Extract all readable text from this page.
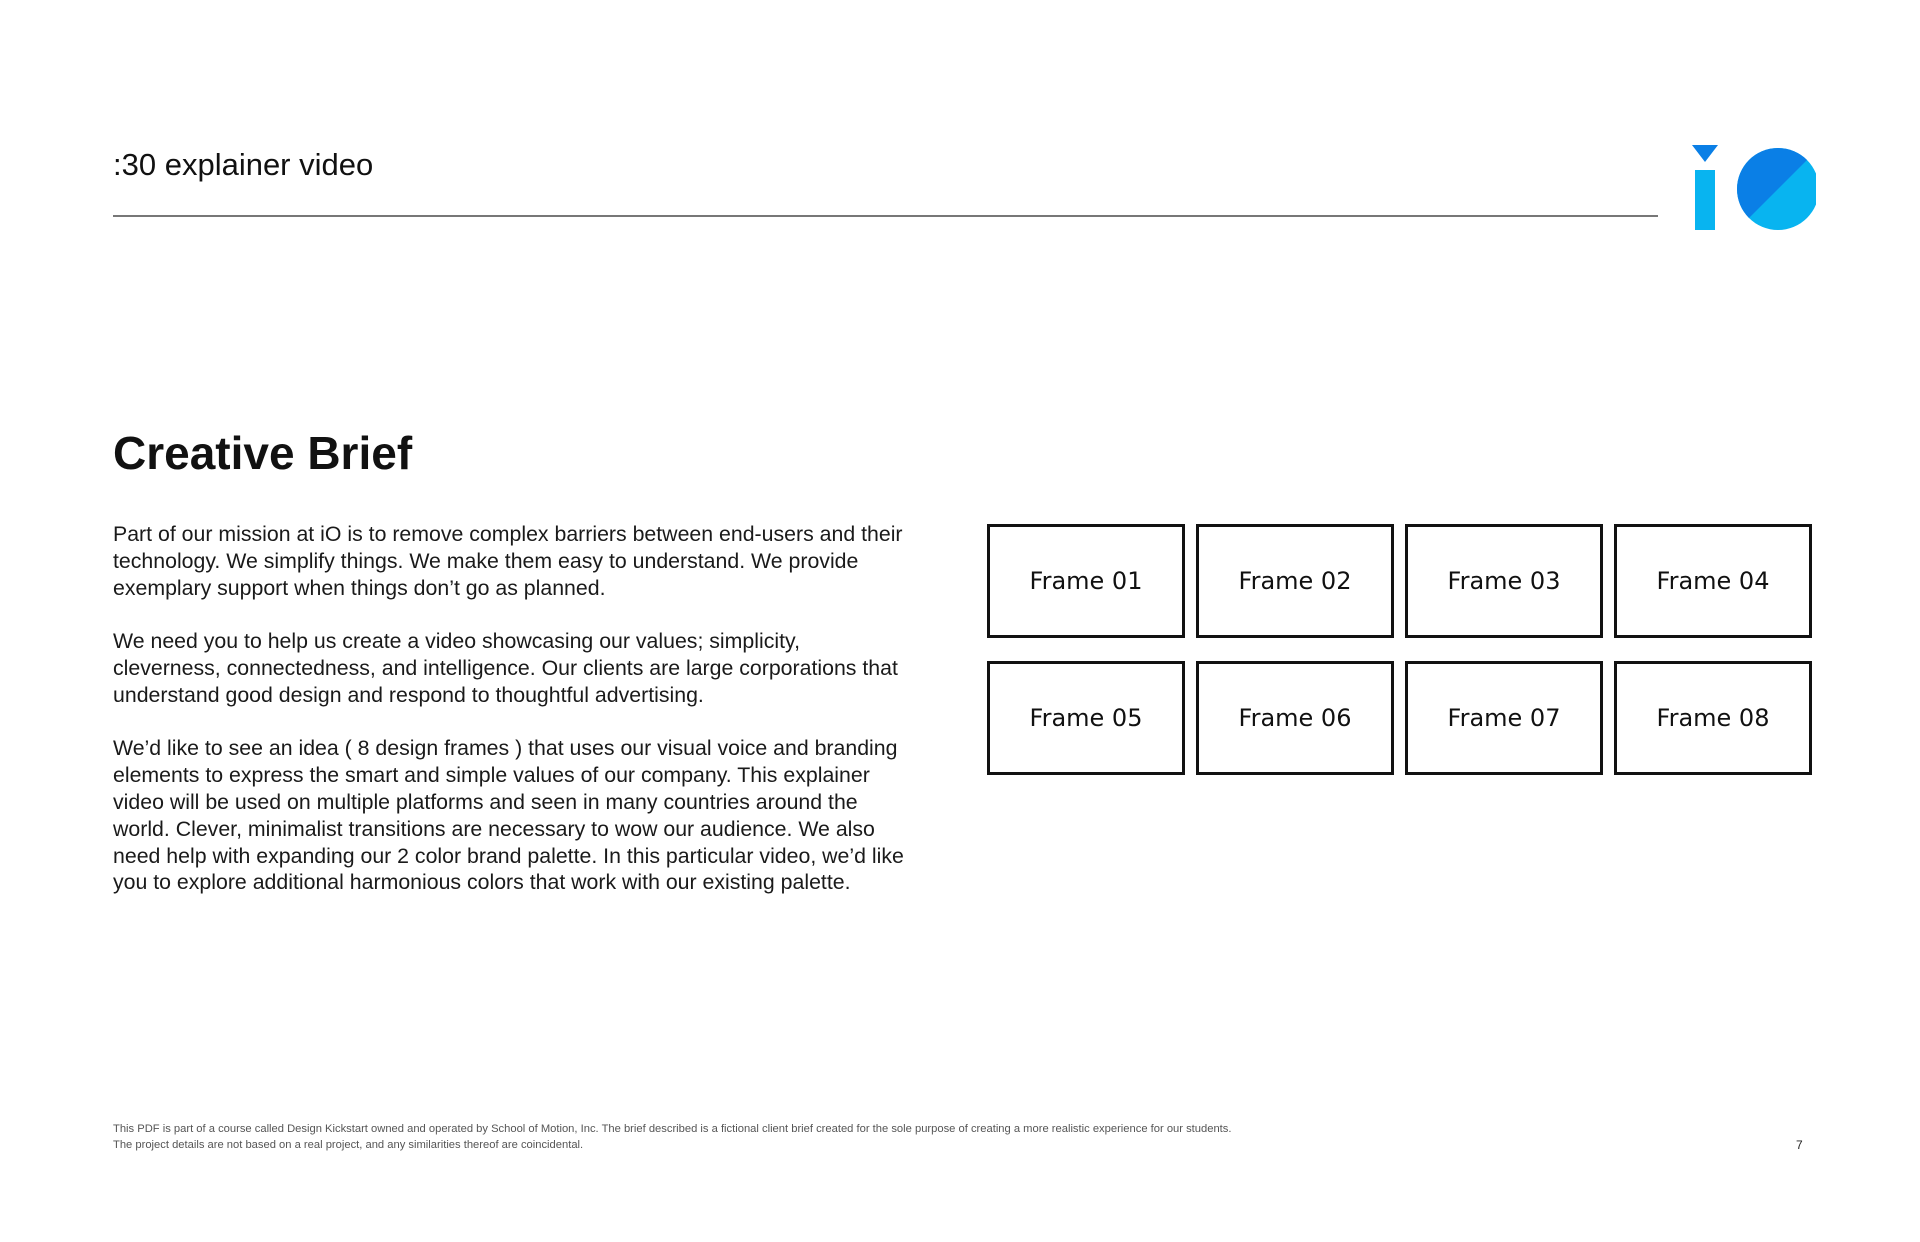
:30 explainer video
Creative Brief

Part of our mission at iO is to remove complex barriers between end-users and their technology. We simplify things. We make them easy to understand. We provide exemplary support when things don’t go as planned.

We need you to help us create a video showcasing our values; simplicity, cleverness, connectedness, and intelligence. Our clients are large corporations that understand good design and respond to thoughtful advertising.

We’d like to see an idea ( 8 design frames ) that uses our visual voice and branding elements to express the smart and simple values of our company. This explainer video will be used on multiple platforms and seen in many countries around the world. Clever, minimalist transitions are necessary to wow our audience. We also need help with expanding our 2 color brand palette. In this particular video, we’d like you to explore additional harmonious colors that work with our existing palette.

Frame 01	Frame 02	Frame 03	Frame 04
Frame 05	Frame 06	Frame 07	Frame 08
This PDF is part of a course called Design Kickstart owned and operated by School of Motion, Inc. The brief described is a fictional client brief created for the sole purpose of creating a more realistic experience for our students.
The project details are not based on a real project, and any similarities thereof are coincidental.	7
